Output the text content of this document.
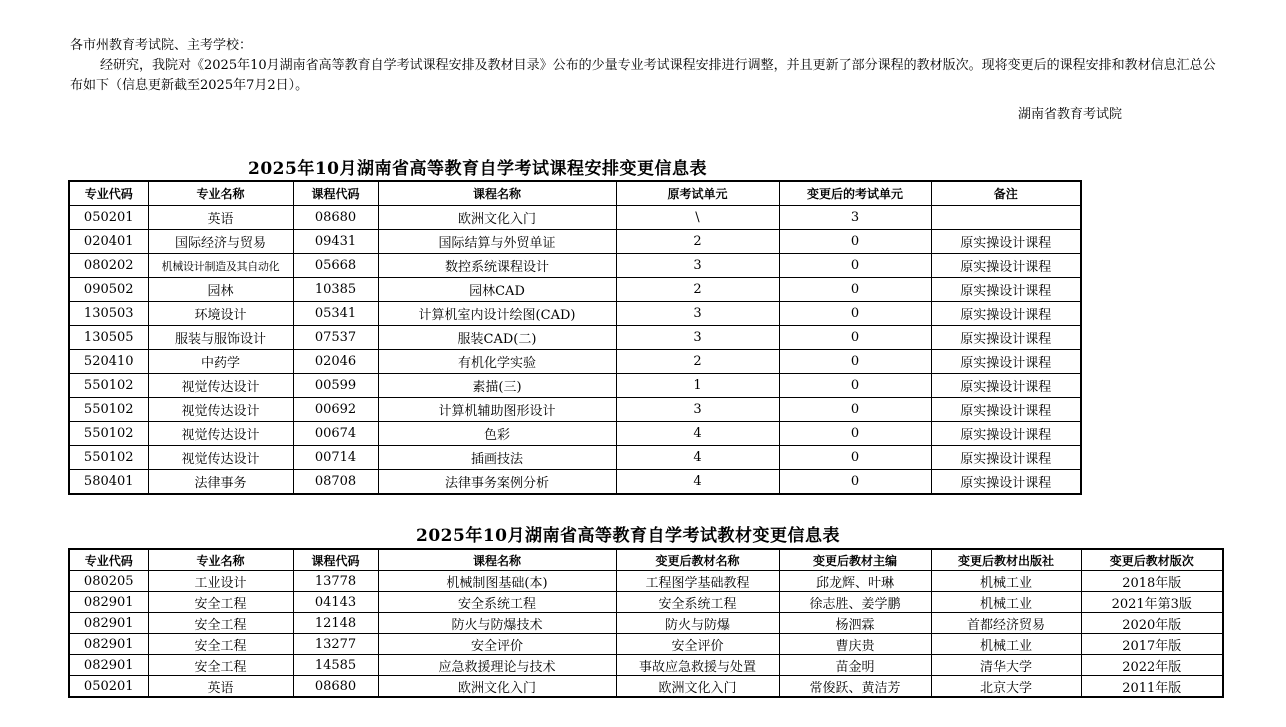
各市州教育考试院、主考学校：

经研究，我院对《2025年10月湖南省高等教育自学考试课程安排及教材目录》公布的少量专业考试课程安排进行调整，并且更新了部分课程的教材版次。现将变更后的课程安排和教材信息汇总公布如下（信息更新截至2025年7月2日）。

湖南省教育考试院
2025年10月湖南省高等教育自学考试课程安排变更信息表
专业代码	专业名称	课程代码	课程名称	原考试单元	变更后的考试单元	备注
050201	英语	08680	欧洲文化入门	\	3	
020401	国际经济与贸易	09431	国际结算与外贸单证	2	0	原实操设计课程
080202	机械设计制造及其自动化	05668	数控系统课程设计	3	0	原实操设计课程
090502	园林	10385	园林CAD	2	0	原实操设计课程
130503	环境设计	05341	计算机室内设计绘图(CAD)	3	0	原实操设计课程
130505	服装与服饰设计	07537	服装CAD(二)	3	0	原实操设计课程
520410	中药学	02046	有机化学实验	2	0	原实操设计课程
550102	视觉传达设计	00599	素描(三)	1	0	原实操设计课程
550102	视觉传达设计	00692	计算机辅助图形设计	3	0	原实操设计课程
550102	视觉传达设计	00674	色彩	4	0	原实操设计课程
550102	视觉传达设计	00714	插画技法	4	0	原实操设计课程
580401	法律事务	08708	法律事务案例分析	4	0	原实操设计课程
2025年10月湖南省高等教育自学考试教材变更信息表
专业代码	专业名称	课程代码	课程名称	变更后教材名称	变更后教材主编	变更后教材出版社	变更后教材版次
080205	工业设计	13778	机械制图基础(本)	工程图学基础教程	邱龙辉、叶琳	机械工业	2018年版
082901	安全工程	04143	安全系统工程	安全系统工程	徐志胜、姜学鹏	机械工业	2021年第3版
082901	安全工程	12148	防火与防爆技术	防火与防爆	杨泗霖	首都经济贸易	2020年版
082901	安全工程	13277	安全评价	安全评价	曹庆贵	机械工业	2017年版
082901	安全工程	14585	应急救援理论与技术	事故应急救援与处置	苗金明	清华大学	2022年版
050201	英语	08680	欧洲文化入门	欧洲文化入门	常俊跃、黄洁芳	北京大学	2011年版
